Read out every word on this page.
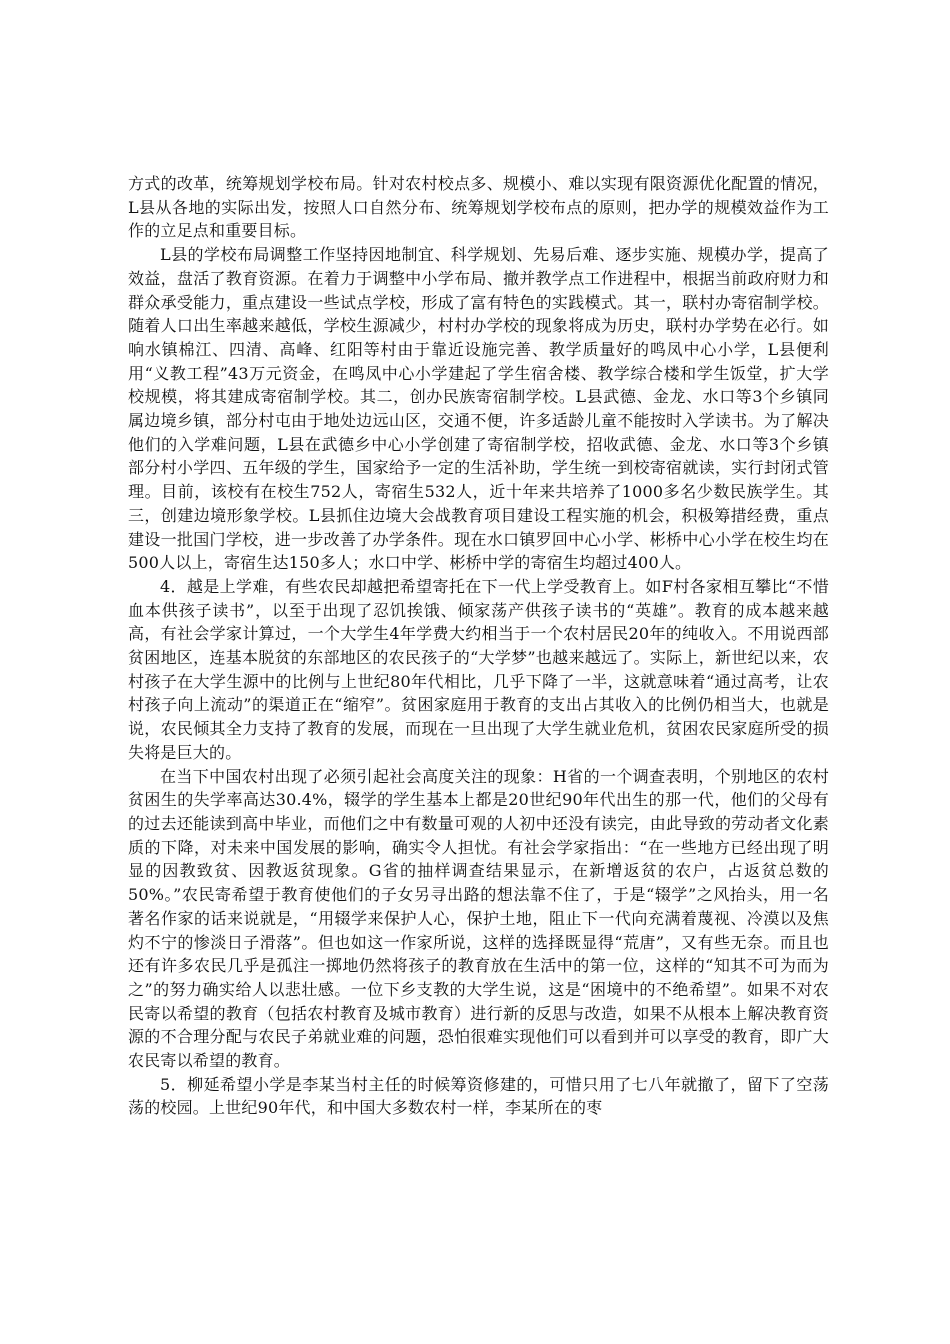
方式的改革，统筹规划学校布局。针对农村校点多、规模小、难以实现有限资源优化配置的情况，L县从各地的实际出发，按照人口自然分布、统筹规划学校布点的原则，把办学的规模效益作为工作的立足点和重要目标。

L县的学校布局调整工作坚持因地制宜、科学规划、先易后难、逐步实施、规模办学，提高了效益，盘活了教育资源。在着力于调整中小学布局、撤并教学点工作进程中，根据当前政府财力和群众承受能力，重点建设一些试点学校，形成了富有特色的实践模式。其一，联村办寄宿制学校。随着人口出生率越来越低，学校生源减少，村村办学校的现象将成为历史，联村办学势在必行。如响水镇棉江、四清、高峰、红阳等村由于靠近设施完善、教学质量好的鸣凤中心小学，L县便利用“义教工程”43万元资金，在鸣凤中心小学建起了学生宿舍楼、教学综合楼和学生饭堂，扩大学校规模，将其建成寄宿制学校。其二，创办民族寄宿制学校。L县武德、金龙、水口等3个乡镇同属边境乡镇，部分村屯由于地处边远山区，交通不便，许多适龄儿童不能按时入学读书。为了解决他们的入学难问题，L县在武德乡中心小学创建了寄宿制学校，招收武德、金龙、水口等3个乡镇部分村小学四、五年级的学生，国家给予一定的生活补助，学生统一到校寄宿就读，实行封闭式管理。目前，该校有在校生752人，寄宿生532人，近十年来共培养了1000多名少数民族学生。其三，创建边境形象学校。L县抓住边境大会战教育项目建设工程实施的机会，积极筹措经费，重点建设一批国门学校，进一步改善了办学条件。现在水口镇罗回中心小学、彬桥中心小学在校生均在500人以上，寄宿生达150多人；水口中学、彬桥中学的寄宿生均超过400人。

4．越是上学难，有些农民却越把希望寄托在下一代上学受教育上。如F村各家相互攀比“不惜血本供孩子读书”，以至于出现了忍饥挨饿、倾家荡产供孩子读书的“英雄”。教育的成本越来越高，有社会学家计算过，一个大学生4年学费大约相当于一个农村居民20年的纯收入。不用说西部贫困地区，连基本脱贫的东部地区的农民孩子的“大学梦”也越来越远了。实际上，新世纪以来，农村孩子在大学生源中的比例与上世纪80年代相比，几乎下降了一半，这就意味着“通过高考，让农村孩子向上流动”的渠道正在“缩窄”。贫困家庭用于教育的支出占其收入的比例仍相当大，也就是说，农民倾其全力支持了教育的发展，而现在一旦出现了大学生就业危机，贫困农民家庭所受的损失将是巨大的。

在当下中国农村出现了必须引起社会高度关注的现象：H省的一个调查表明，个别地区的农村贫困生的失学率高达30.4%，辍学的学生基本上都是20世纪90年代出生的那一代，他们的父母有的过去还能读到高中毕业，而他们之中有数量可观的人初中还没有读完，由此导致的劳动者文化素质的下降，对未来中国发展的影响，确实令人担忧。有社会学家指出：“在一些地方已经出现了明显的因教致贫、因教返贫现象。G省的抽样调查结果显示，在新增返贫的农户，占返贫总数的50%。”农民寄希望于教育使他们的子女另寻出路的想法靠不住了，于是“辍学”之风抬头，用一名著名作家的话来说就是，“用辍学来保护人心，保护土地，阻止下一代向充满着蔑视、冷漠以及焦灼不宁的惨淡日子滑落”。但也如这一作家所说，这样的选择既显得“荒唐”，又有些无奈。而且也还有许多农民几乎是孤注一掷地仍然将孩子的教育放在生活中的第一位，这样的“知其不可为而为之”的努力确实给人以悲壮感。一位下乡支教的大学生说，这是“困境中的不绝希望”。如果不对农民寄以希望的教育（包括农村教育及城市教育）进行新的反思与改造，如果不从根本上解决教育资源的不合理分配与农民子弟就业难的问题，恐怕很难实现他们可以看到并可以享受的教育，即广大农民寄以希望的教育。

5．柳延希望小学是李某当村主任的时候筹资修建的，可惜只用了七八年就撤了，留下了空荡荡的校园。上世纪90年代，和中国大多数农村一样，李某所在的枣
